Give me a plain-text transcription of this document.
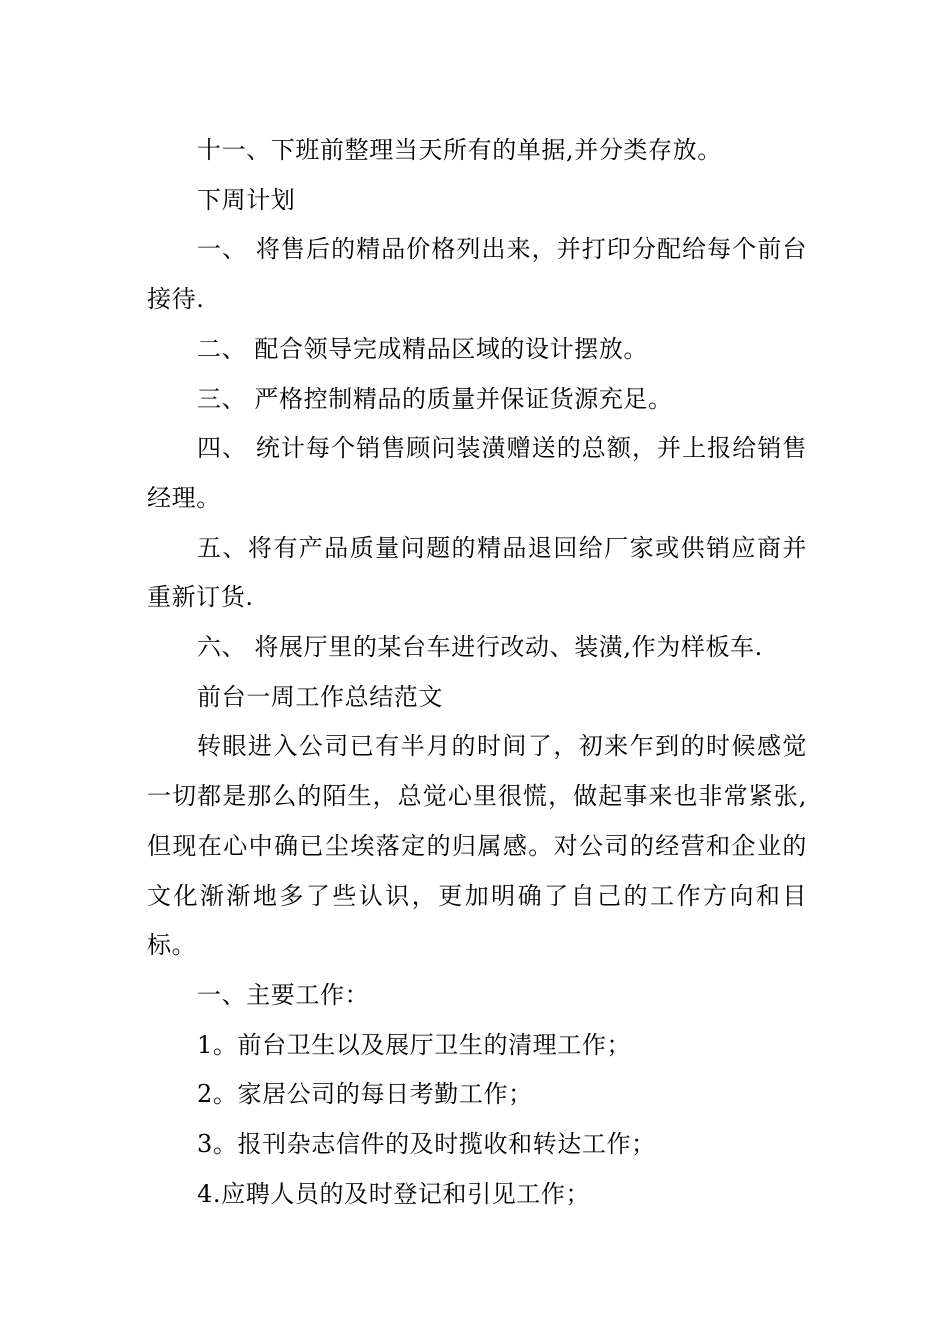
十一、下班前整理当天所有的单据,并分类存放。

下周计划

一、 将售后的精品价格列出来，并打印分配给每个前台接待.

二、 配合领导完成精品区域的设计摆放。

三、 严格控制精品的质量并保证货源充足。

四、 统计每个销售顾问装潢赠送的总额，并上报给销售经理。

五、将有产品质量问题的精品退回给厂家或供销应商并重新订货.

六、 将展厅里的某台车进行改动、装潢,作为样板车.

前台一周工作总结范文

转眼进入公司已有半月的时间了，初来乍到的时候感觉一切都是那么的陌生，总觉心里很慌，做起事来也非常紧张,但现在心中确已尘埃落定的归属感。对公司的经营和企业的文化渐渐地多了些认识，更加明确了自己的工作方向和目标。

一、主要工作：

1。前台卫生以及展厅卫生的清理工作；

2。家居公司的每日考勤工作；

3。报刊杂志信件的及时揽收和转达工作；

4.应聘人员的及时登记和引见工作；
